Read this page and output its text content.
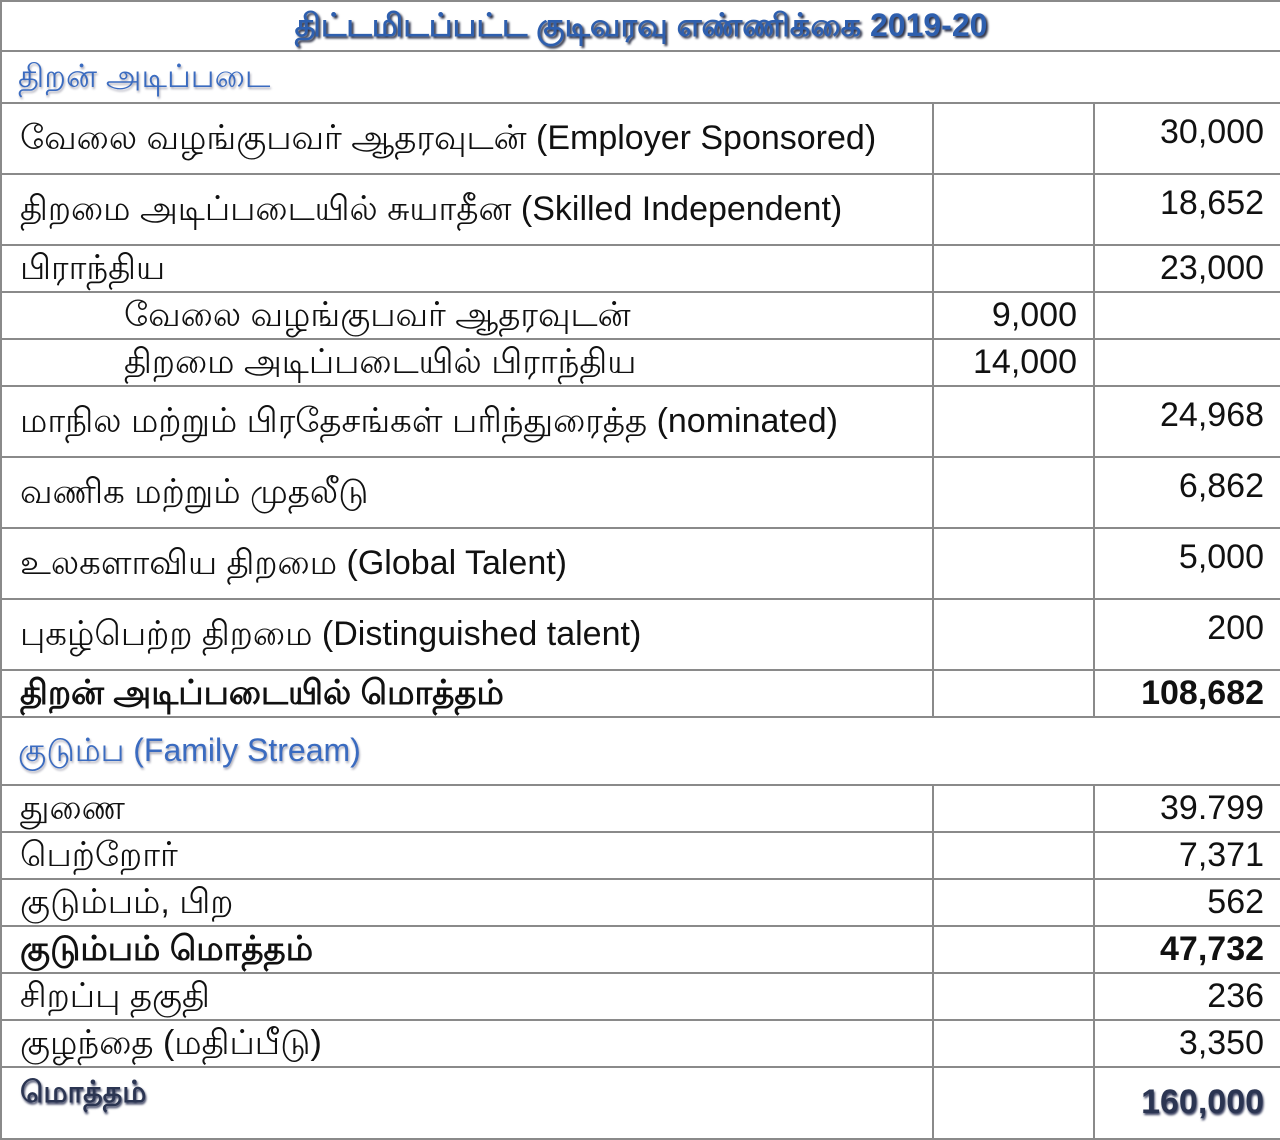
திட்டமிடப்பட்ட குடிவரவு எண்ணிக்கை 2019-20		
திறன் அடிப்படை		
வேலை வழங்குபவர் ஆதரவுடன் (Employer Sponsored)		30,000
திறமை அடிப்படையில் சுயாதீன (Skilled Independent)		18,652
பிராந்திய		23,000
வேலை வழங்குபவர் ஆதரவுடன்	9,000	
திறமை அடிப்படையில் பிராந்திய	14,000	
மாநில மற்றும் பிரதேசங்கள் பரிந்துரைத்த (nominated)		24,968
வணிக மற்றும் முதலீடு		6,862
உலகளாவிய திறமை (Global Talent)		5,000
புகழ்பெற்ற திறமை (Distinguished talent)		200
திறன் அடிப்படையில் மொத்தம்		108,682
குடும்ப (Family Stream)		
துணை		39.799
பெற்றோர்		7,371
குடும்பம், பிற		562
குடும்பம் மொத்தம்		47,732
சிறப்பு தகுதி		236
குழந்தை (மதிப்பீடு)		3,350
மொத்தம்		160,000
